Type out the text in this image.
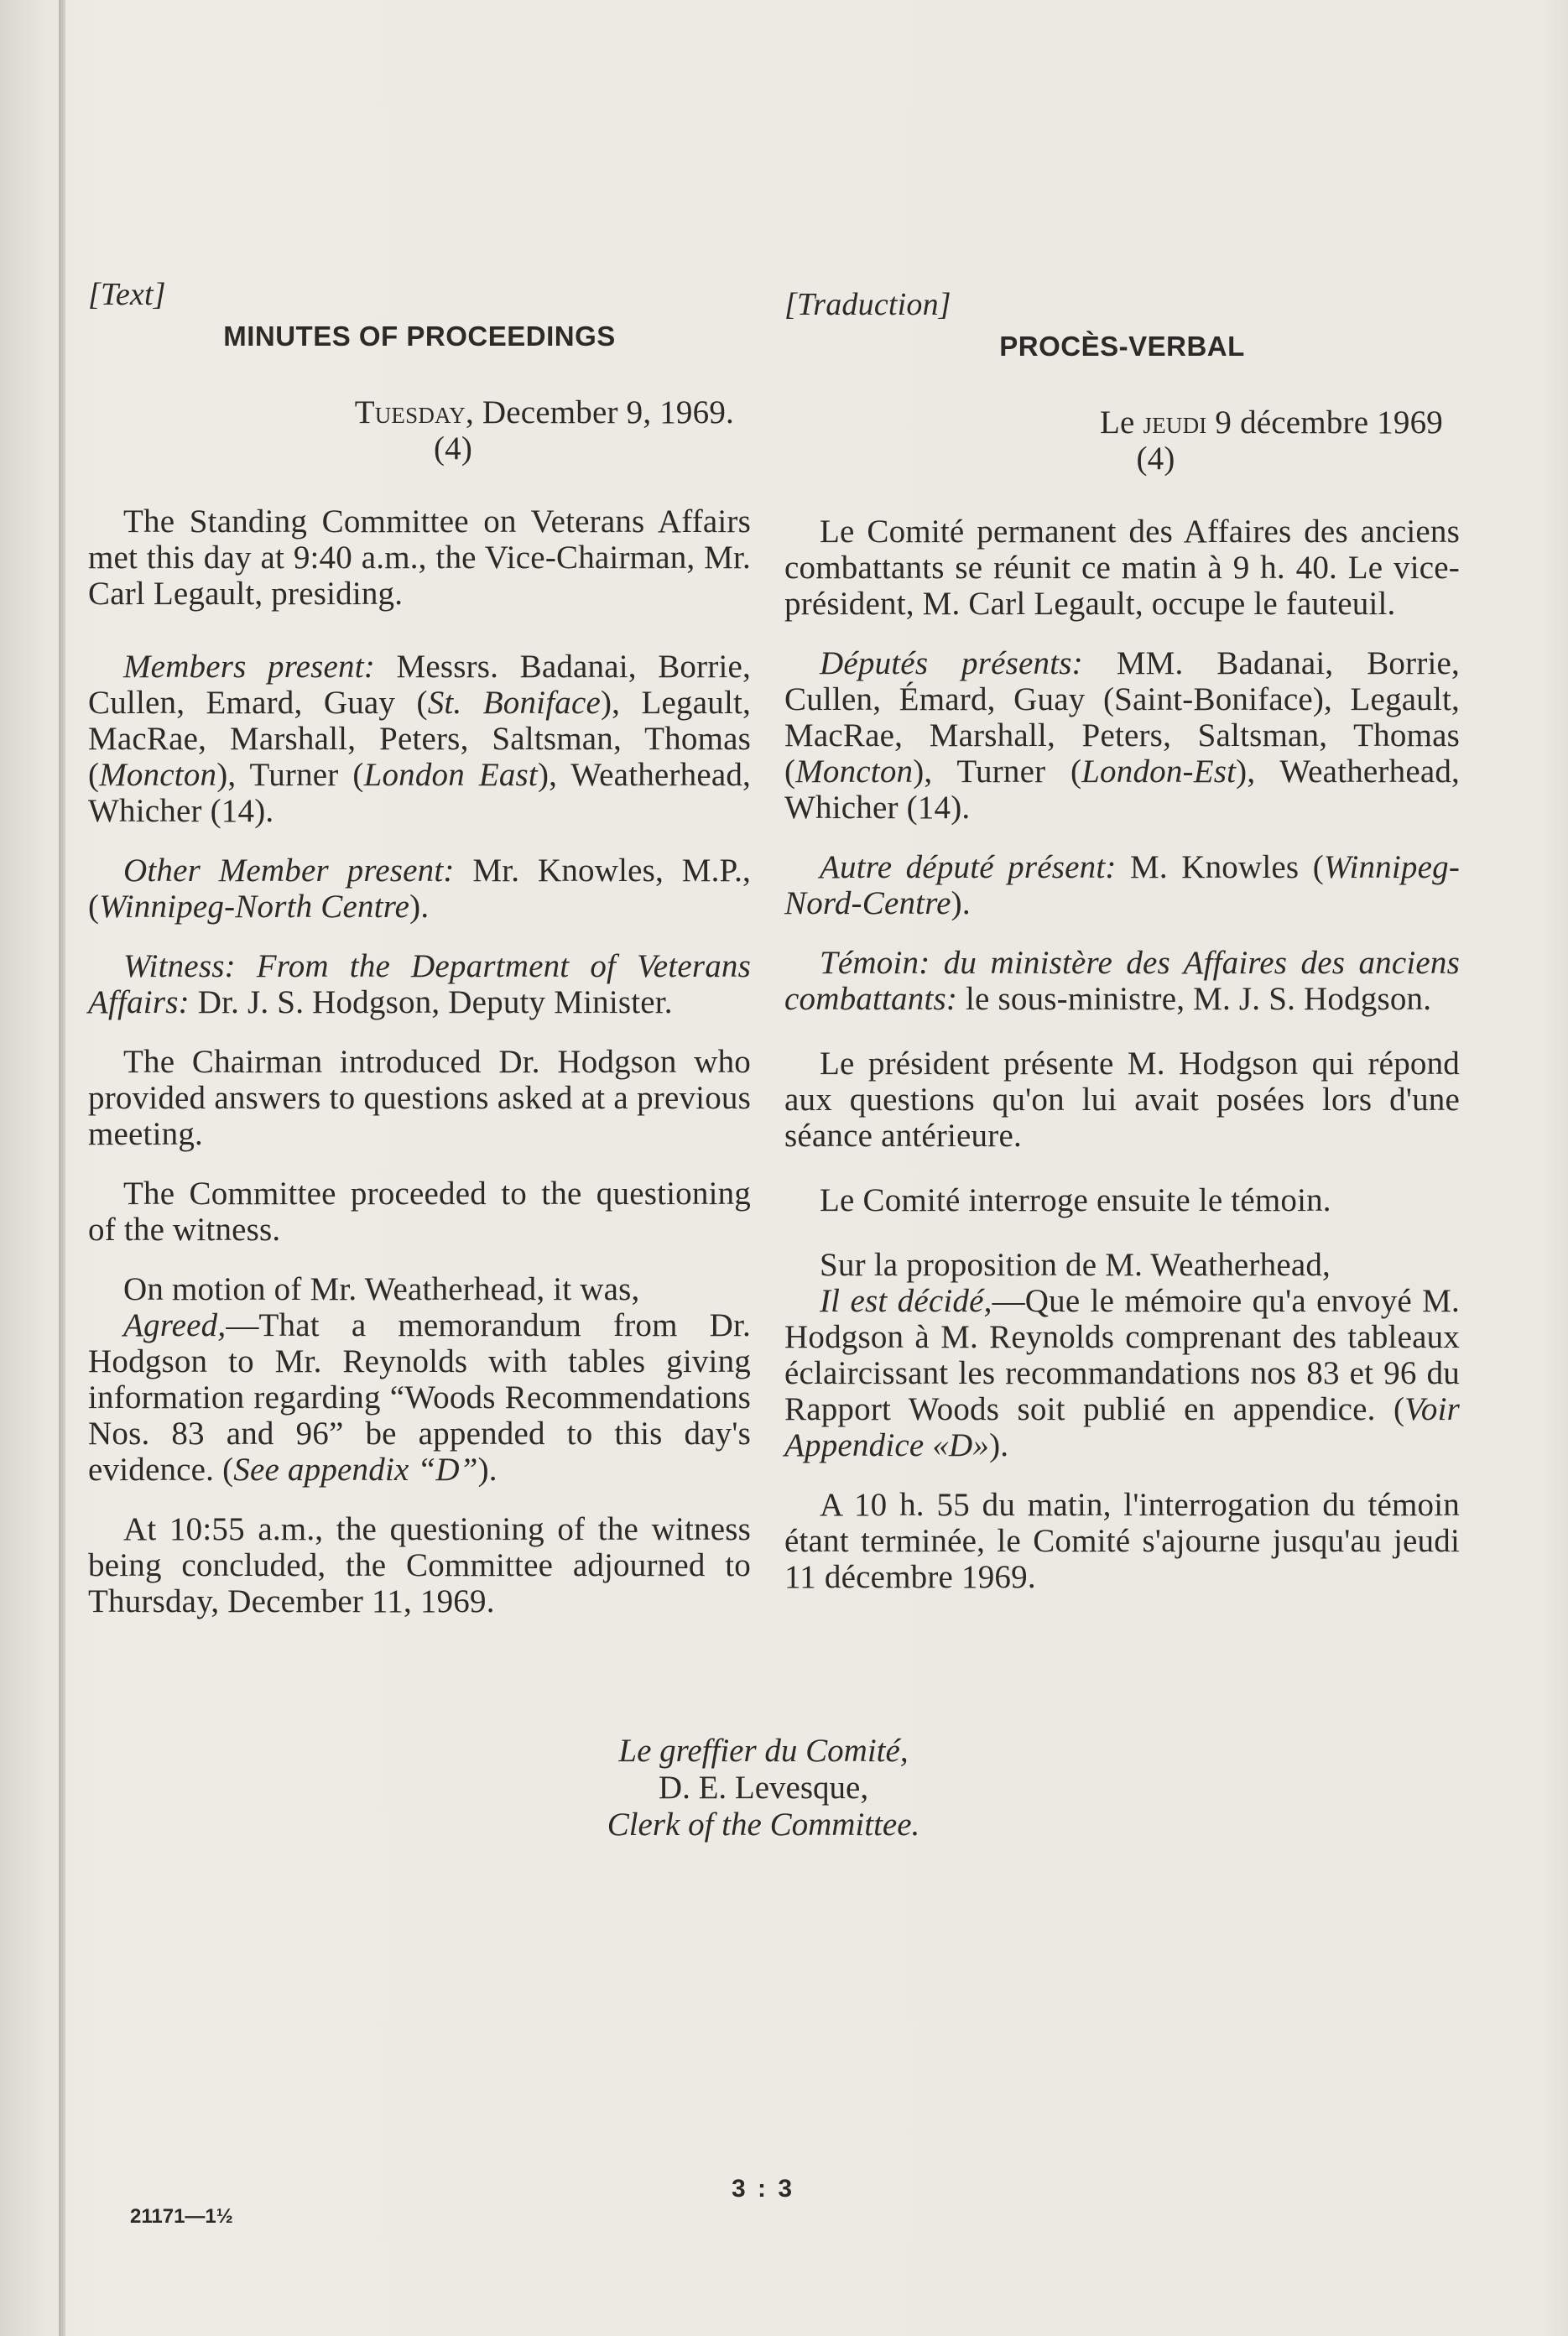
[Text]

MINUTES OF PROCEEDINGS

Tuesday, December 9, 1969.

(4)

The Standing Committee on Veterans Affairs met this day at 9:40 a.m., the Vice-Chairman, Mr. Carl Legault, presiding.

Members present: Messrs. Badanai, Borrie, Cullen, Emard, Guay (St. Boniface), Legault, MacRae, Marshall, Peters, Saltsman, Thomas (Moncton), Turner (London East), Weatherhead, Whicher (14).

Other Member present: Mr. Knowles, M.P., (Winnipeg-North Centre).

Witness: From the Department of Veterans Affairs: Dr. J. S. Hodgson, Deputy Minister.

The Chairman introduced Dr. Hodgson who provided answers to questions asked at a previous meeting.

The Committee proceeded to the questioning of the witness.

On motion of Mr. Weatherhead, it was,

Agreed,—That a memorandum from Dr. Hodgson to Mr. Reynolds with tables giving information regarding “Woods Recommendations Nos. 83 and 96” be appended to this day's evidence. (See appendix “D”).

At 10:55 a.m., the questioning of the witness being concluded, the Committee adjourned to Thursday, December 11, 1969.

[Traduction]

PROCÈS-VERBAL

Le jeudi 9 décembre 1969

(4)

Le Comité permanent des Affaires des anciens combattants se réunit ce matin à 9 h. 40. Le vice-président, M. Carl Legault, occupe le fauteuil.

Députés présents: MM. Badanai, Borrie, Cullen, Émard, Guay (Saint-Boniface), Legault, MacRae, Marshall, Peters, Saltsman, Thomas (Moncton), Turner (London-Est), Weatherhead, Whicher (14).

Autre député présent: M. Knowles (Winnipeg-Nord-Centre).

Témoin: du ministère des Affaires des anciens combattants: le sous-ministre, M. J. S. Hodgson.

Le président présente M. Hodgson qui répond aux questions qu'on lui avait posées lors d'une séance antérieure.

Le Comité interroge ensuite le témoin.

Sur la proposition de M. Weatherhead,

Il est décidé,—Que le mémoire qu'a envoyé M. Hodgson à M. Reynolds comprenant des tableaux éclaircissant les recommandations nos 83 et 96 du Rapport Woods soit publié en appendice. (Voir Appendice «D»).

A 10 h. 55 du matin, l'interrogation du témoin étant terminée, le Comité s'ajourne jusqu'au jeudi 11 décembre 1969.

Le greffier du Comité,
D. E. Levesque,
Clerk of the Committee.
3 : 3
21171—1½
